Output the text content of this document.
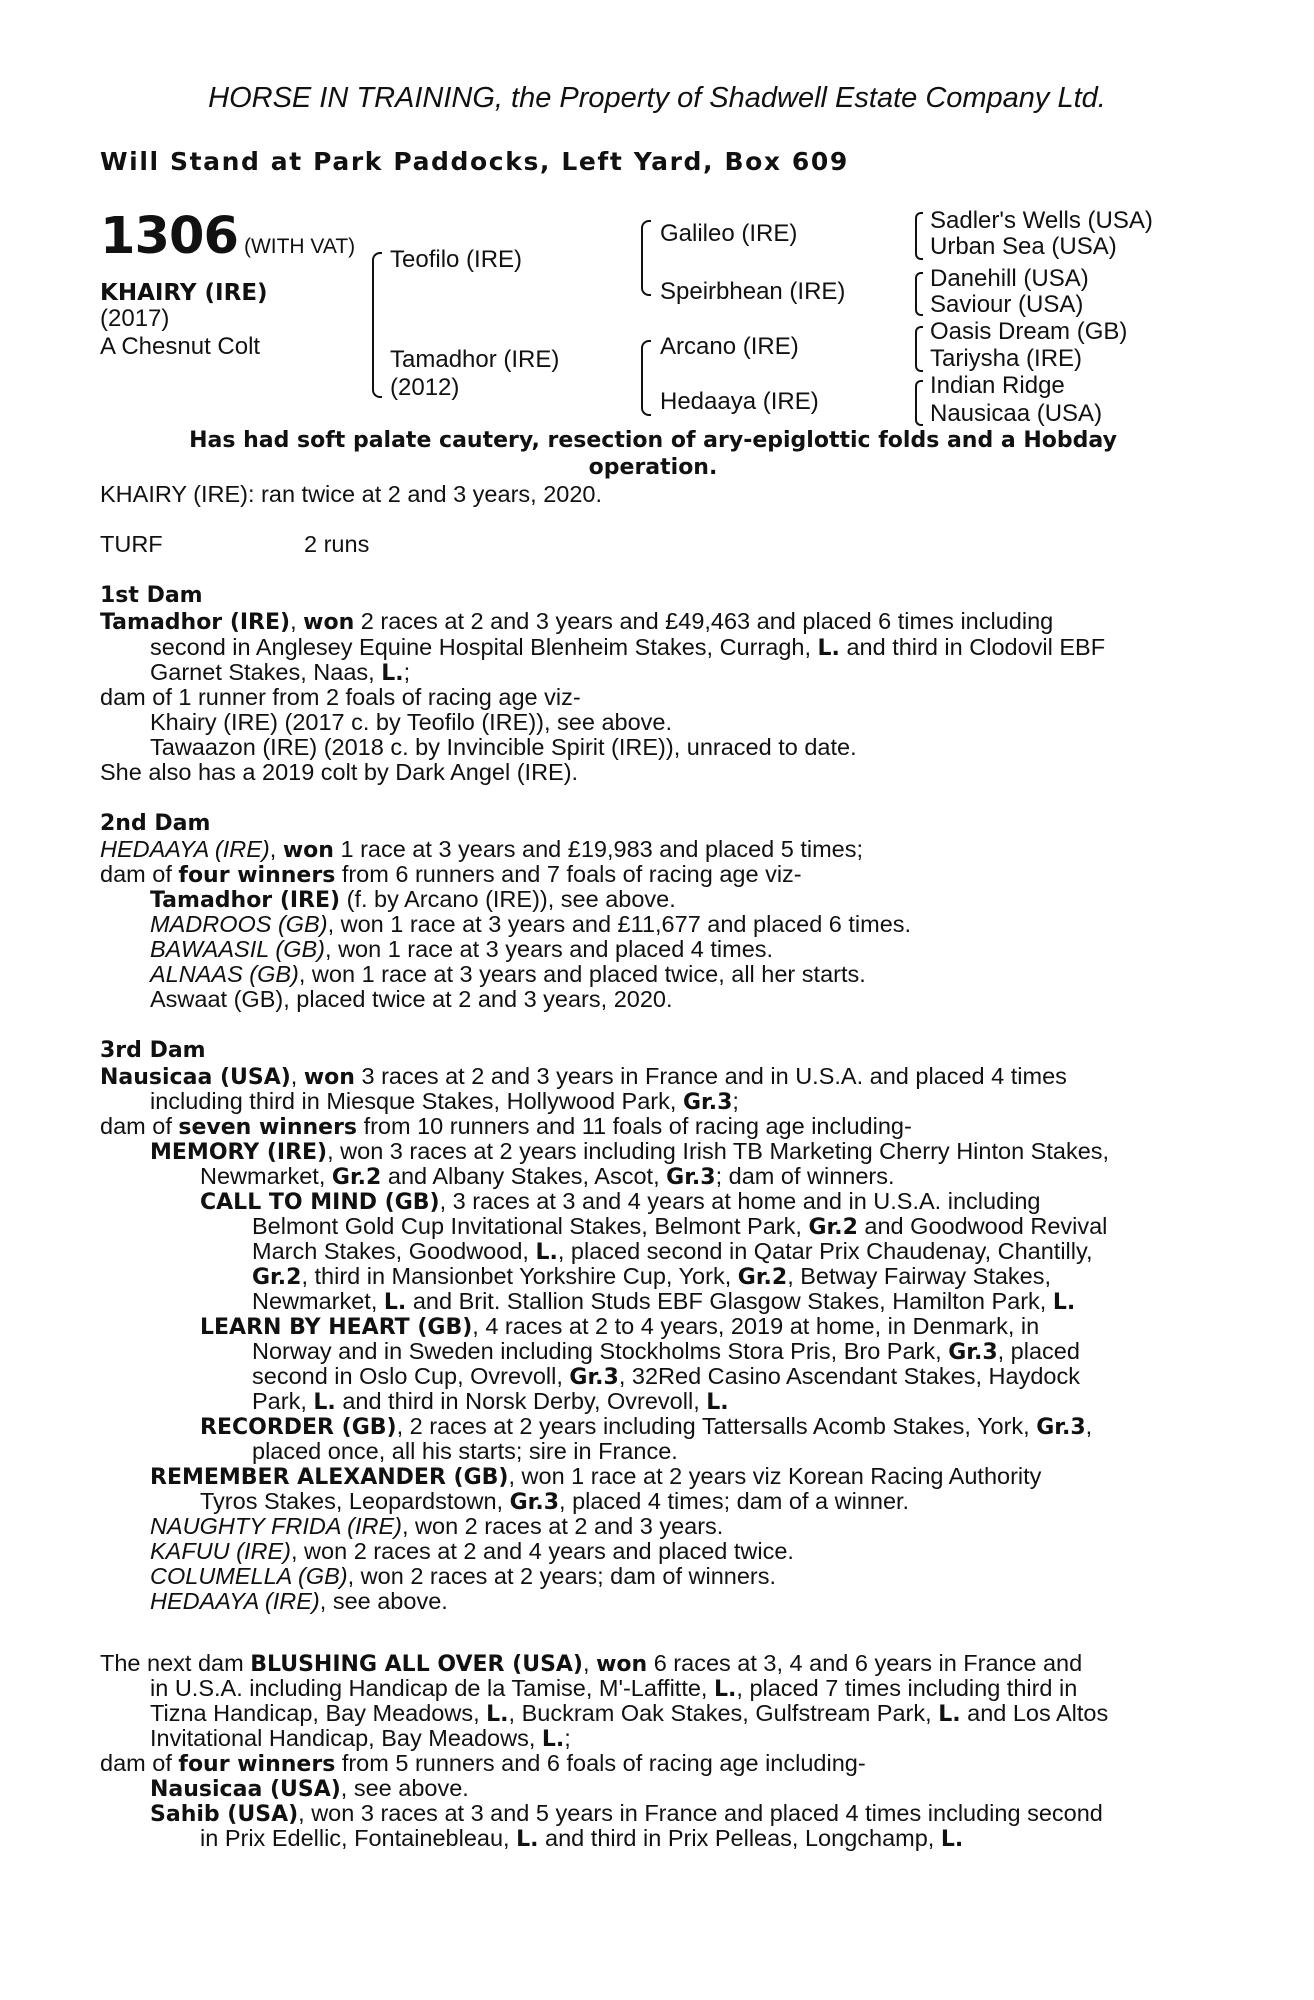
HORSE IN TRAINING, the Property of Shadwell Estate Company Ltd.
Will Stand at Park Paddocks, Left Yard, Box 609
1306 (WITH VAT)
KHAIRY (IRE)
(2017)
A Chesnut Colt
Teofilo (IRE)
Tamadhor (IRE)
(2012)
Galileo (IRE)
Speirbhean (IRE)
Arcano (IRE)
Hedaaya (IRE)
Sadler's Wells (USA)
Urban Sea (USA)
Danehill (USA)
Saviour (USA)
Oasis Dream (GB)
Tariysha (IRE)
Indian Ridge
Nausicaa (USA)
Has had soft palate cautery, resection of ary-epiglottic folds and a Hobday
operation.
KHAIRY (IRE): ran twice at 2 and 3 years, 2020.
TURF	2 runs
1st Dam
Tamadhor (IRE), won 2 races at 2 and 3 years and £49,463 and placed 6 times including
second in Anglesey Equine Hospital Blenheim Stakes, Curragh, L. and third in Clodovil EBF
Garnet Stakes, Naas, L.;
dam of 1 runner from 2 foals of racing age viz-
Khairy (IRE) (2017 c. by Teofilo (IRE)), see above.
Tawaazon (IRE) (2018 c. by Invincible Spirit (IRE)), unraced to date.
She also has a 2019 colt by Dark Angel (IRE).
2nd Dam
HEDAAYA (IRE), won 1 race at 3 years and £19,983 and placed 5 times;
dam of four winners from 6 runners and 7 foals of racing age viz-
Tamadhor (IRE) (f. by Arcano (IRE)), see above.
MADROOS (GB), won 1 race at 3 years and £11,677 and placed 6 times.
BAWAASIL (GB), won 1 race at 3 years and placed 4 times.
ALNAAS (GB), won 1 race at 3 years and placed twice, all her starts.
Aswaat (GB), placed twice at 2 and 3 years, 2020.
3rd Dam
Nausicaa (USA), won 3 races at 2 and 3 years in France and in U.S.A. and placed 4 times
including third in Miesque Stakes, Hollywood Park, Gr.3;
dam of seven winners from 10 runners and 11 foals of racing age including-
MEMORY (IRE), won 3 races at 2 years including Irish TB Marketing Cherry Hinton Stakes,
Newmarket, Gr.2 and Albany Stakes, Ascot, Gr.3; dam of winners.
CALL TO MIND (GB), 3 races at 3 and 4 years at home and in U.S.A. including
Belmont Gold Cup Invitational Stakes, Belmont Park, Gr.2 and Goodwood Revival
March Stakes, Goodwood, L., placed second in Qatar Prix Chaudenay, Chantilly,
Gr.2, third in Mansionbet Yorkshire Cup, York, Gr.2, Betway Fairway Stakes,
Newmarket, L. and Brit. Stallion Studs EBF Glasgow Stakes, Hamilton Park, L.
LEARN BY HEART (GB), 4 races at 2 to 4 years, 2019 at home, in Denmark, in
Norway and in Sweden including Stockholms Stora Pris, Bro Park, Gr.3, placed
second in Oslo Cup, Ovrevoll, Gr.3, 32Red Casino Ascendant Stakes, Haydock
Park, L. and third in Norsk Derby, Ovrevoll, L.
RECORDER (GB), 2 races at 2 years including Tattersalls Acomb Stakes, York, Gr.3,
placed once, all his starts; sire in France.
REMEMBER ALEXANDER (GB), won 1 race at 2 years viz Korean Racing Authority
Tyros Stakes, Leopardstown, Gr.3, placed 4 times; dam of a winner.
NAUGHTY FRIDA (IRE), won 2 races at 2 and 3 years.
KAFUU (IRE), won 2 races at 2 and 4 years and placed twice.
COLUMELLA (GB), won 2 races at 2 years; dam of winners.
HEDAAYA (IRE), see above.
The next dam BLUSHING ALL OVER (USA), won 6 races at 3, 4 and 6 years in France and
in U.S.A. including Handicap de la Tamise, M'-Laffitte, L., placed 7 times including third in
Tizna Handicap, Bay Meadows, L., Buckram Oak Stakes, Gulfstream Park, L. and Los Altos
Invitational Handicap, Bay Meadows, L.;
dam of four winners from 5 runners and 6 foals of racing age including-
Nausicaa (USA), see above.
Sahib (USA), won 3 races at 3 and 5 years in France and placed 4 times including second
in Prix Edellic, Fontainebleau, L. and third in Prix Pelleas, Longchamp, L.
